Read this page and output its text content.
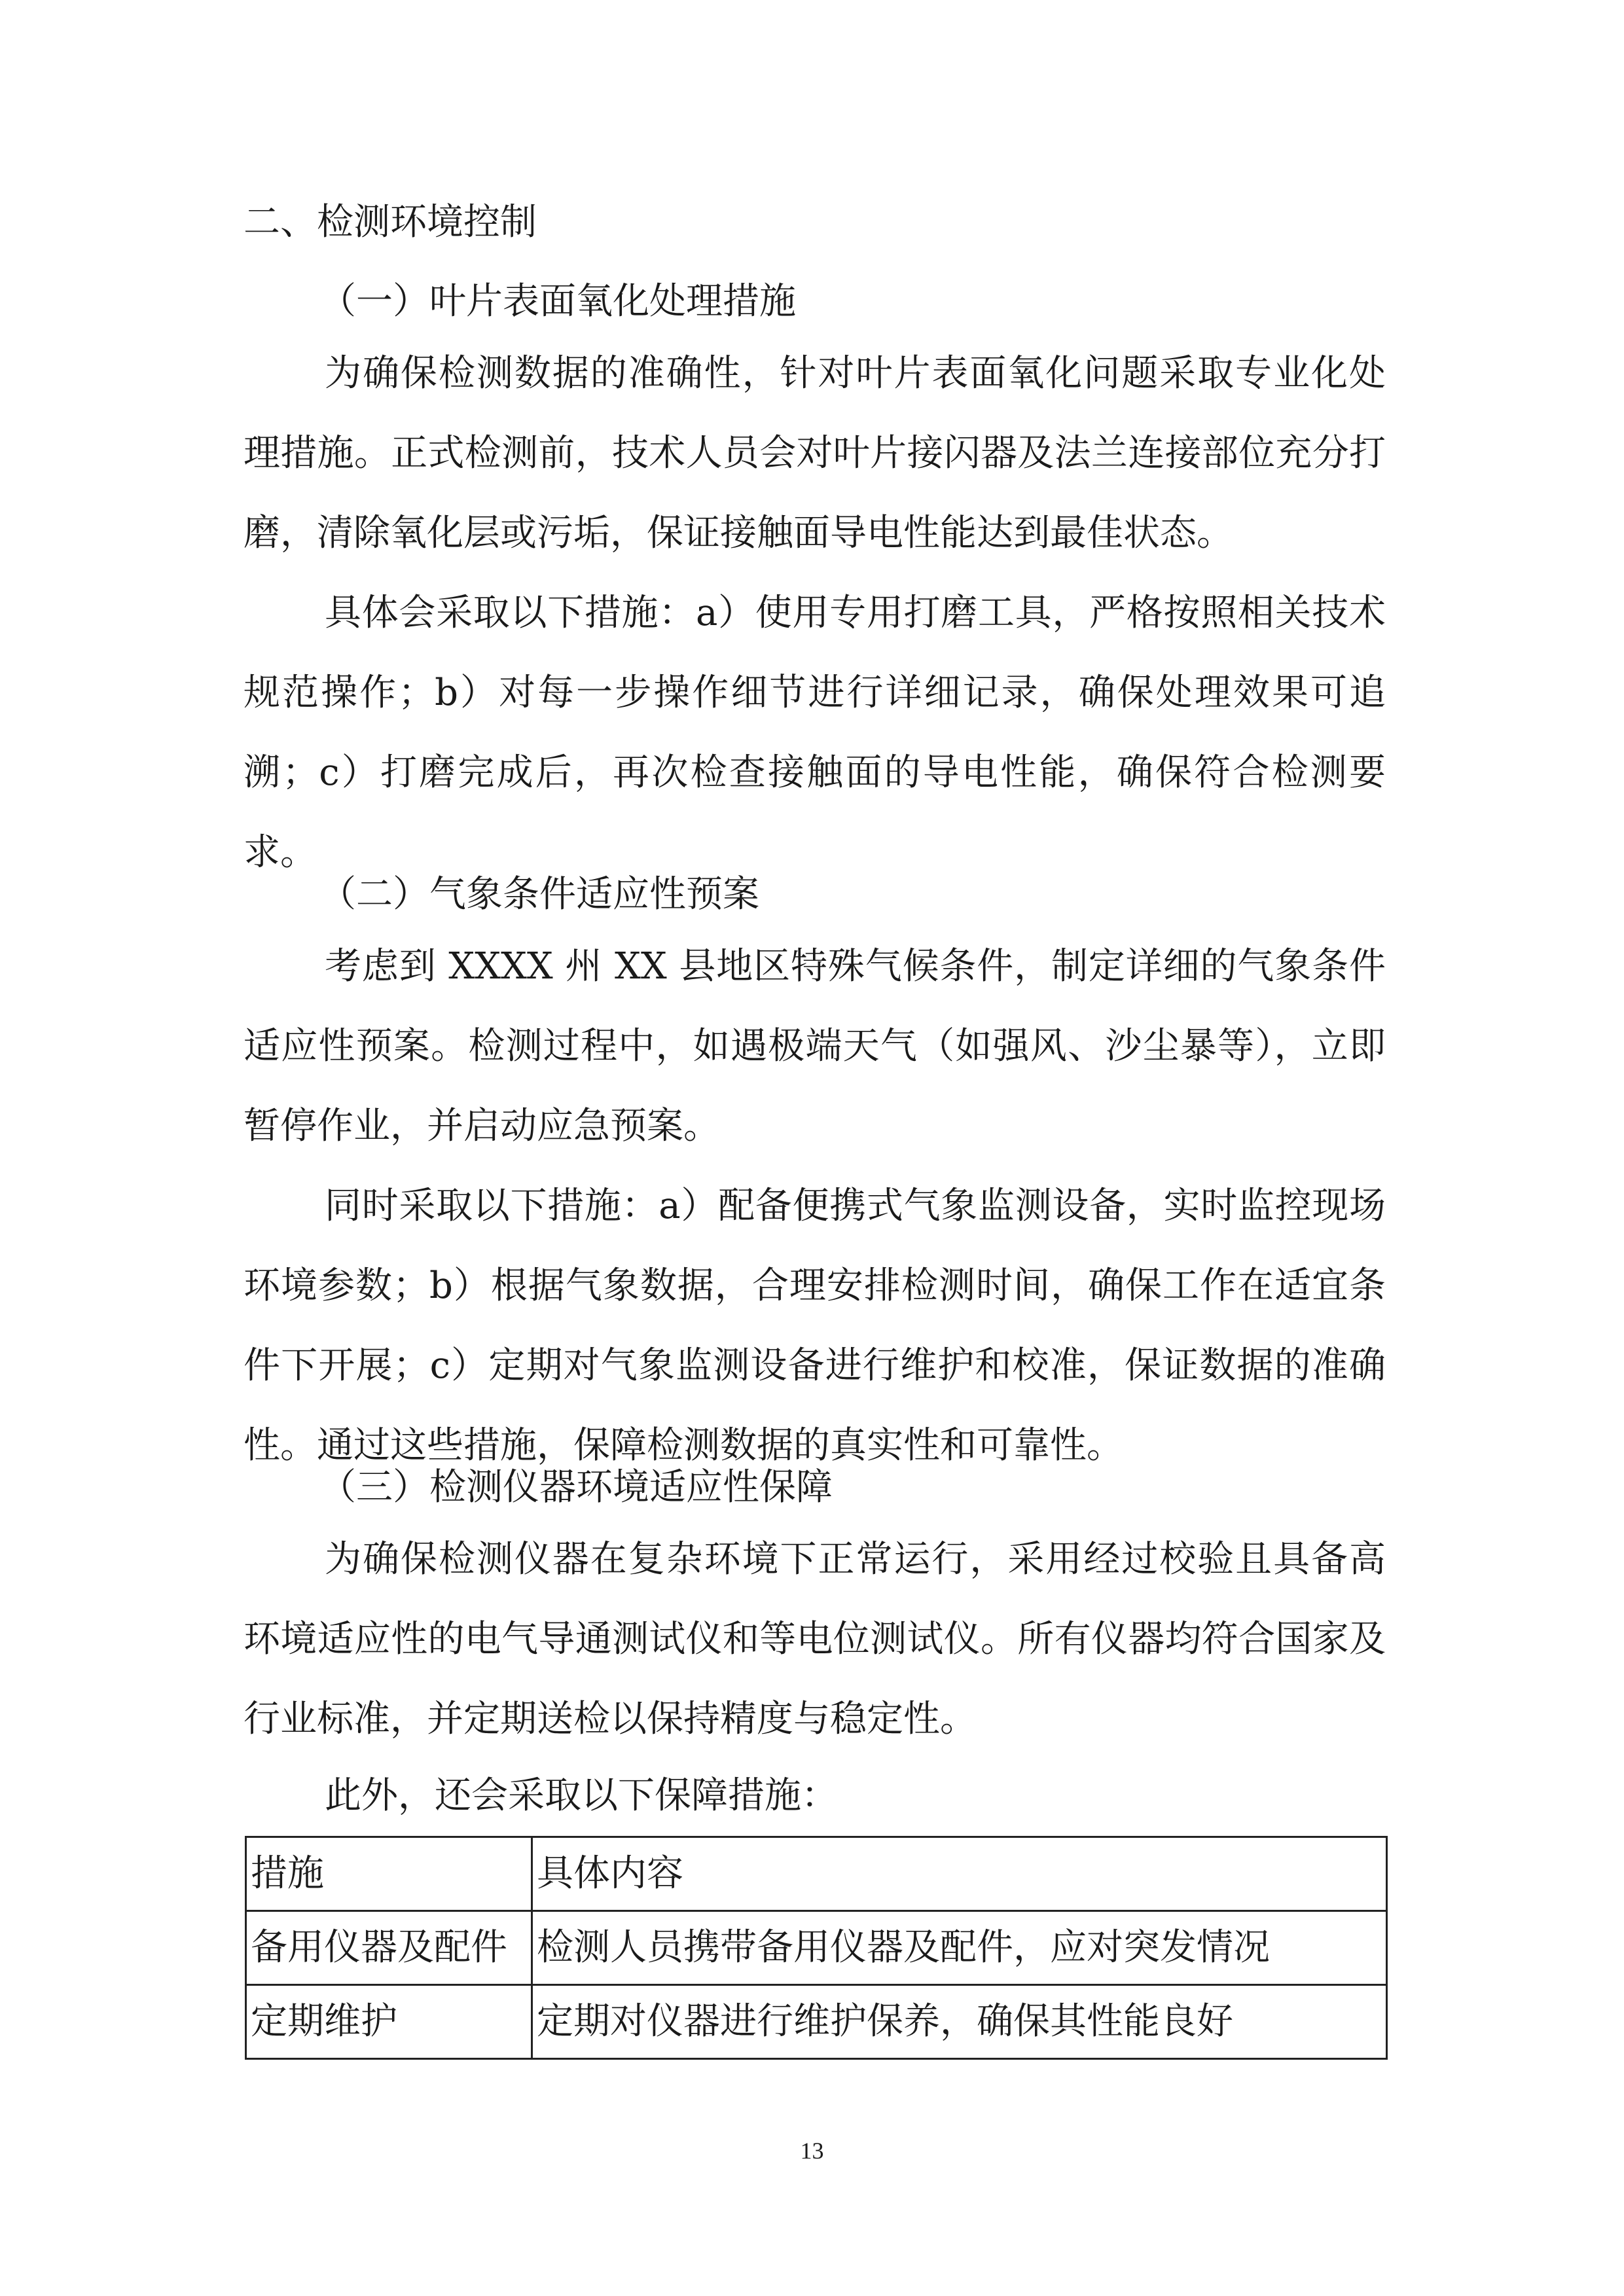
二、检测环境控制
（一）叶片表面氧化处理措施

为确保检测数据的准确性，针对叶片表面氧化问题采取专业化处理措施。正式检测前，技术人员会对叶片接闪器及法兰连接部位充分打磨，清除氧化层或污垢，保证接触面导电性能达到最佳状态。

具体会采取以下措施：a）使用专用打磨工具，严格按照相关技术规范操作；b）对每一步操作细节进行详细记录，确保处理效果可追溯；c）打磨完成后，再次检查接触面的导电性能，确保符合检测要求。

（二）气象条件适应性预案

考虑到 XXXX 州 XX 县地区特殊气候条件，制定详细的气象条件适应性预案。检测过程中，如遇极端天气（如强风、沙尘暴等），立即暂停作业，并启动应急预案。

同时采取以下措施：a）配备便携式气象监测设备，实时监控现场环境参数；b）根据气象数据，合理安排检测时间，确保工作在适宜条件下开展；c）定期对气象监测设备进行维护和校准，保证数据的准确性。通过这些措施，保障检测数据的真实性和可靠性。

（三）检测仪器环境适应性保障

为确保检测仪器在复杂环境下正常运行，采用经过校验且具备高环境适应性的电气导通测试仪和等电位测试仪。所有仪器均符合国家及行业标准，并定期送检以保持精度与稳定性。

此外，还会采取以下保障措施：

措施	具体内容
备用仪器及配件	检测人员携带备用仪器及配件，应对突发情况
定期维护	定期对仪器进行维护保养，确保其性能良好
13
